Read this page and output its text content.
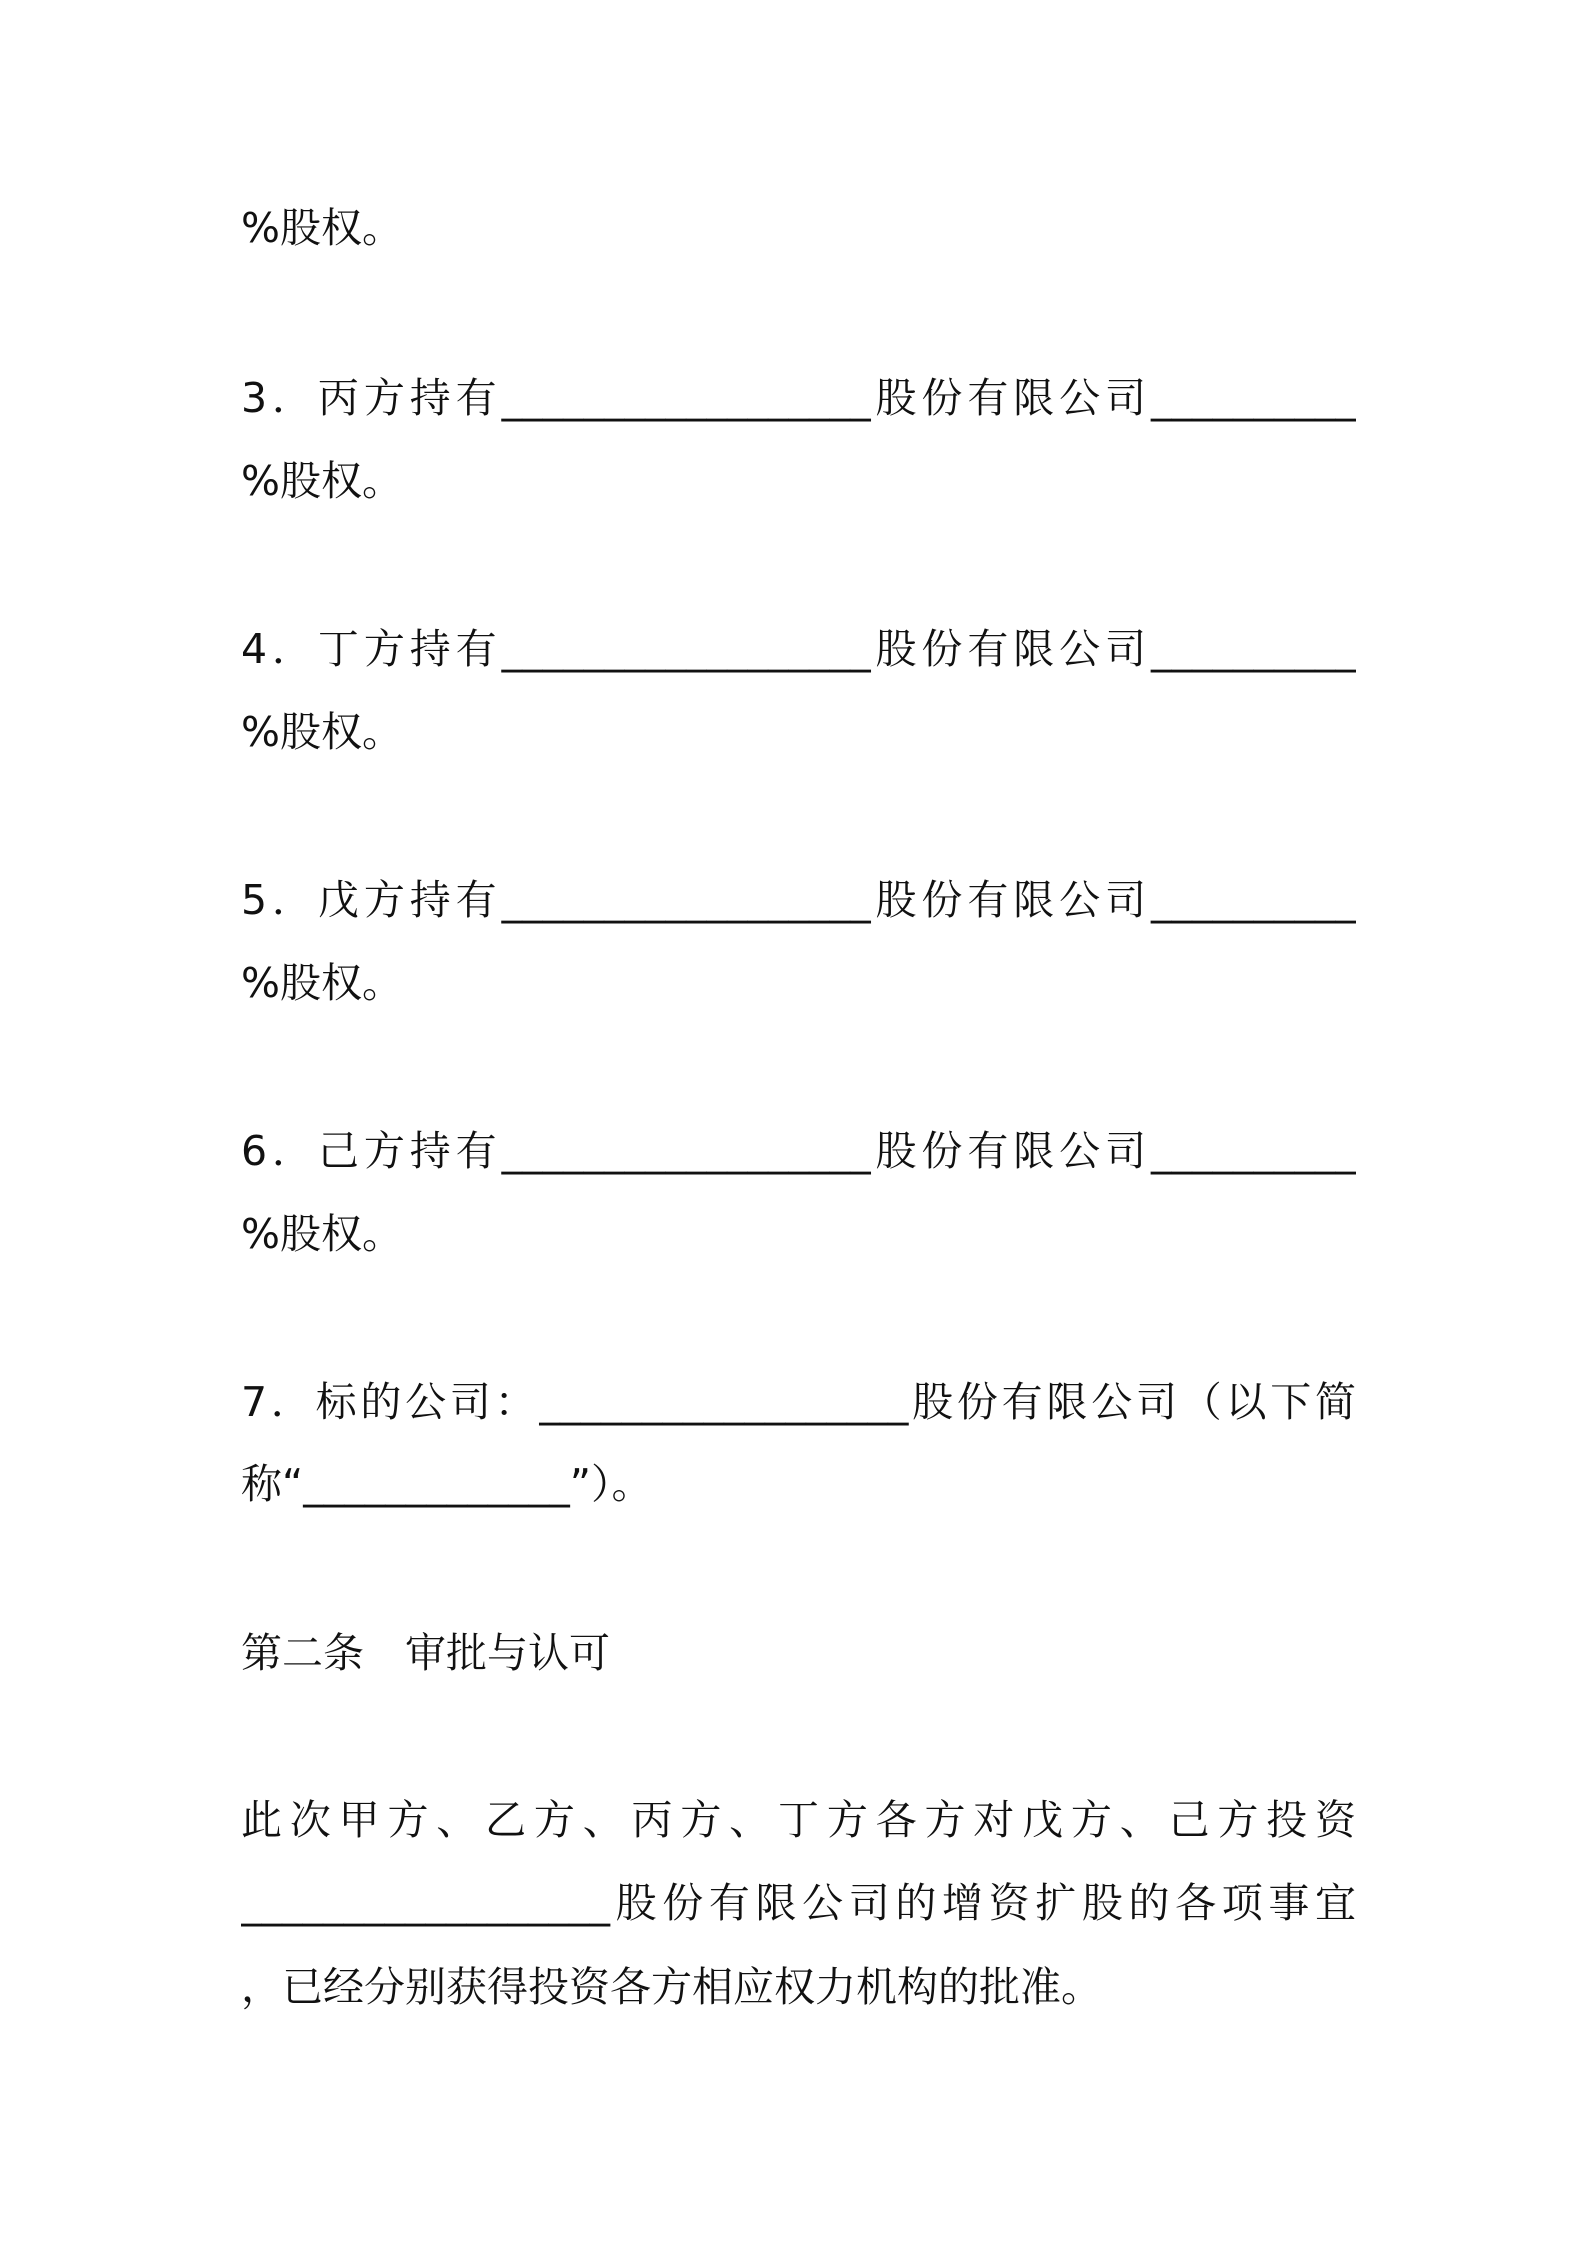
%股权。
3．丙方持有__________________股份有限公司__________
%股权。
4．丁方持有__________________股份有限公司__________
%股权。
5．戊方持有__________________股份有限公司__________
%股权。
6．己方持有__________________股份有限公司__________
%股权。
7．标的公司：__________________股份有限公司（以下简
称“_____________”）。
第二条　审批与认可
此次甲方、乙方、丙方、丁方各方对戊方、己方投资
__________________股份有限公司的增资扩股的各项事宜
，已经分别获得投资各方相应权力机构的批准。
